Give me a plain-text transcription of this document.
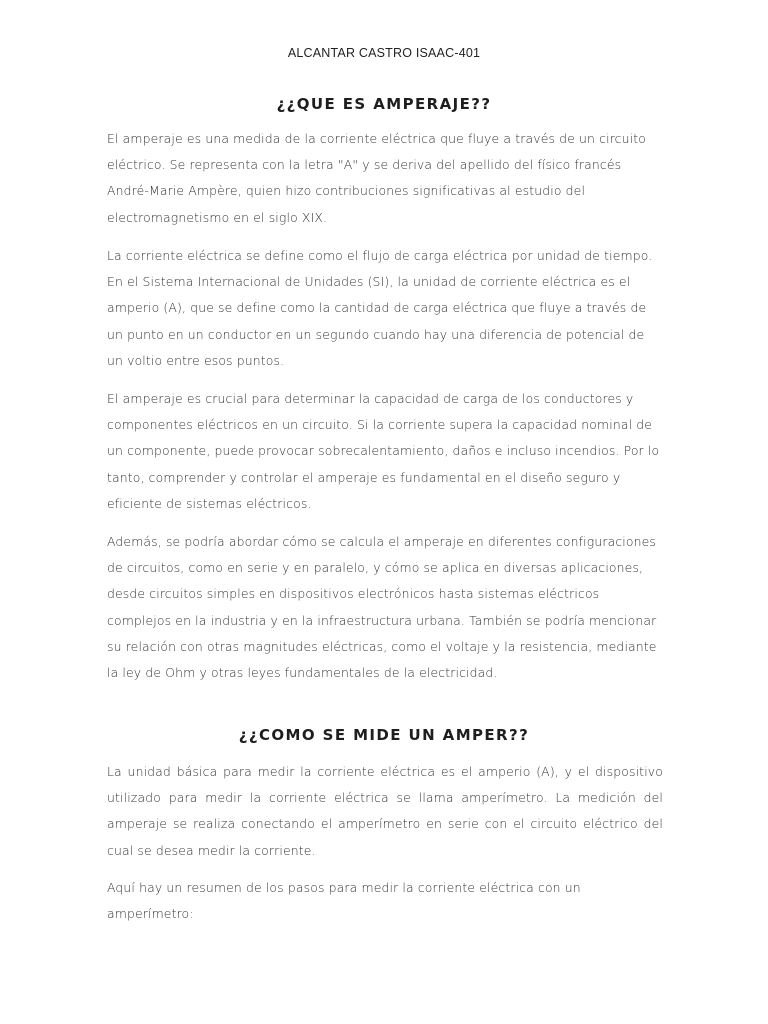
ALCANTAR CASTRO ISAAC-401
¿¿QUE ES AMPERAJE??
El amperaje es una medida de la corriente eléctrica que fluye a través de un circuito eléctrico. Se representa con la letra "A" y se deriva del apellido del físico francés André-Marie Ampère, quien hizo contribuciones significativas al estudio del electromagnetismo en el siglo XIX.
La corriente eléctrica se define como el flujo de carga eléctrica por unidad de tiempo. En el Sistema Internacional de Unidades (SI), la unidad de corriente eléctrica es el amperio (A), que se define como la cantidad de carga eléctrica que fluye a través de un punto en un conductor en un segundo cuando hay una diferencia de potencial de un voltio entre esos puntos.
El amperaje es crucial para determinar la capacidad de carga de los conductores y componentes eléctricos en un circuito. Si la corriente supera la capacidad nominal de un componente, puede provocar sobrecalentamiento, daños e incluso incendios. Por lo tanto, comprender y controlar el amperaje es fundamental en el diseño seguro y eficiente de sistemas eléctricos.
Además, se podría abordar cómo se calcula el amperaje en diferentes configuraciones de circuitos, como en serie y en paralelo, y cómo se aplica en diversas aplicaciones, desde circuitos simples en dispositivos electrónicos hasta sistemas eléctricos complejos en la industria y en la infraestructura urbana. También se podría mencionar su relación con otras magnitudes eléctricas, como el voltaje y la resistencia, mediante la ley de Ohm y otras leyes fundamentales de la electricidad.
¿¿COMO SE MIDE UN AMPER??
La unidad básica para medir la corriente eléctrica es el amperio (A), y el dispositivo utilizado para medir la corriente eléctrica se llama amperímetro. La medición del amperaje se realiza conectando el amperímetro en serie con el circuito eléctrico del cual se desea medir la corriente.
Aquí hay un resumen de los pasos para medir la corriente eléctrica con un amperímetro:
